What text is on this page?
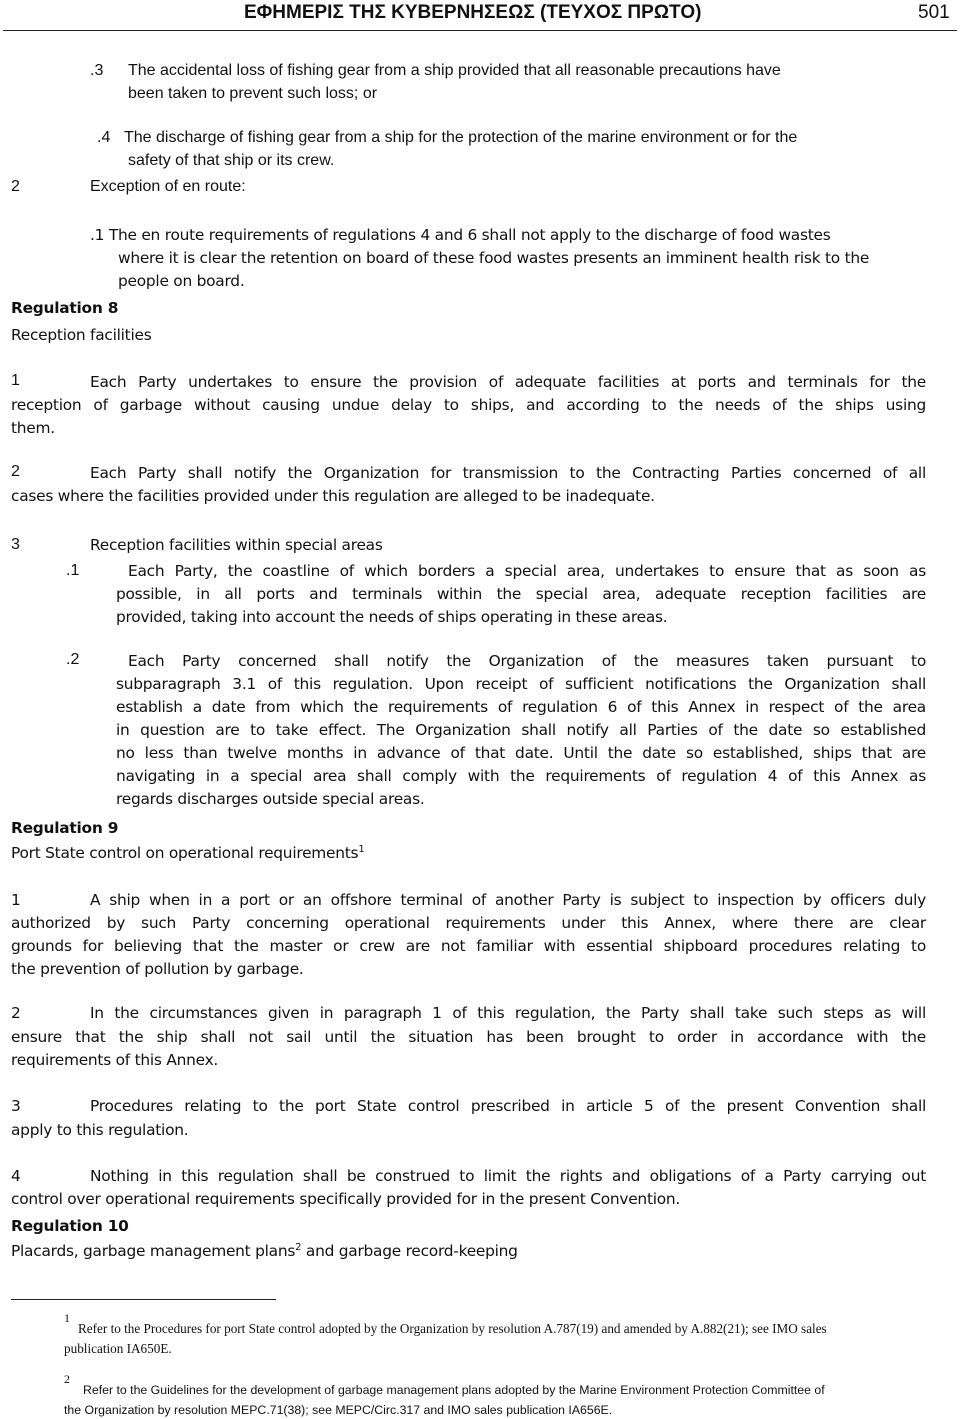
ΕΦΗΜΕΡΙΣ ΤΗΣ ΚΥΒΕΡΝΗΣΕΩΣ (ΤΕΥΧΟΣ ΠΡΩΤΟ)	501
.3 The accidental loss of fishing gear from a ship provided that all reasonable precautions have
been taken to prevent such loss; or
.4 The discharge of fishing gear from a ship for the protection of the marine environment or for the
safety of that ship or its crew.
2	Exception of en route:
.1 The en route requirements of regulations 4 and 6 shall not apply to the discharge of food wastes
where it is clear the retention on board of these food wastes presents an imminent health risk to the
people on board.
Regulation 8
Reception facilities
1	Each Party undertakes to ensure the provision of adequate facilities at ports and terminals for the
reception of garbage without causing undue delay to ships, and according to the needs of the ships using
them.
2	Each Party shall notify the Organization for transmission to the Contracting Parties concerned of all
cases where the facilities provided under this regulation are alleged to be inadequate.
3	Reception facilities within special areas
.1	Each Party, the coastline of which borders a special area, undertakes to ensure that as soon as
possible, in all ports and terminals within the special area, adequate reception facilities are
provided, taking into account the needs of ships operating in these areas.
.2	Each Party concerned shall notify the Organization of the measures taken pursuant to
subparagraph 3.1 of this regulation. Upon receipt of sufficient notifications the Organization shall
establish a date from which the requirements of regulation 6 of this Annex in respect of the area
in question are to take effect. The Organization shall notify all Parties of the date so established
no less than twelve months in advance of that date. Until the date so established, ships that are
navigating in a special area shall comply with the requirements of regulation 4 of this Annex as
regards discharges outside special areas.
Regulation 9
Port State control on operational requirements$^1$
1	A ship when in a port or an offshore terminal of another Party is subject to inspection by officers duly
authorized by such Party concerning operational requirements under this Annex, where there are clear
grounds for believing that the master or crew are not familiar with essential shipboard procedures relating to
the prevention of pollution by garbage.
2	In the circumstances given in paragraph 1 of this regulation, the Party shall take such steps as will
ensure that the ship shall not sail until the situation has been brought to order in accordance with the
requirements of this Annex.
3	Procedures relating to the port State control prescribed in article 5 of the present Convention shall
apply to this regulation.
4	Nothing in this regulation shall be construed to limit the rights and obligations of a Party carrying out
control over operational requirements specifically provided for in the present Convention.
Regulation 10
Placards, garbage management plans$^2$ and garbage record-keeping
1
Refer to the Procedures for port State control adopted by the Organization by resolution A.787(19) and amended by A.882(21); see IMO sales
publication IA650E.
2
Refer to the Guidelines for the development of garbage management plans adopted by the Marine Environment Protection Committee of
the Organization by resolution MEPC.71(38); see MEPC/Circ.317 and IMO sales publication IA656E.
